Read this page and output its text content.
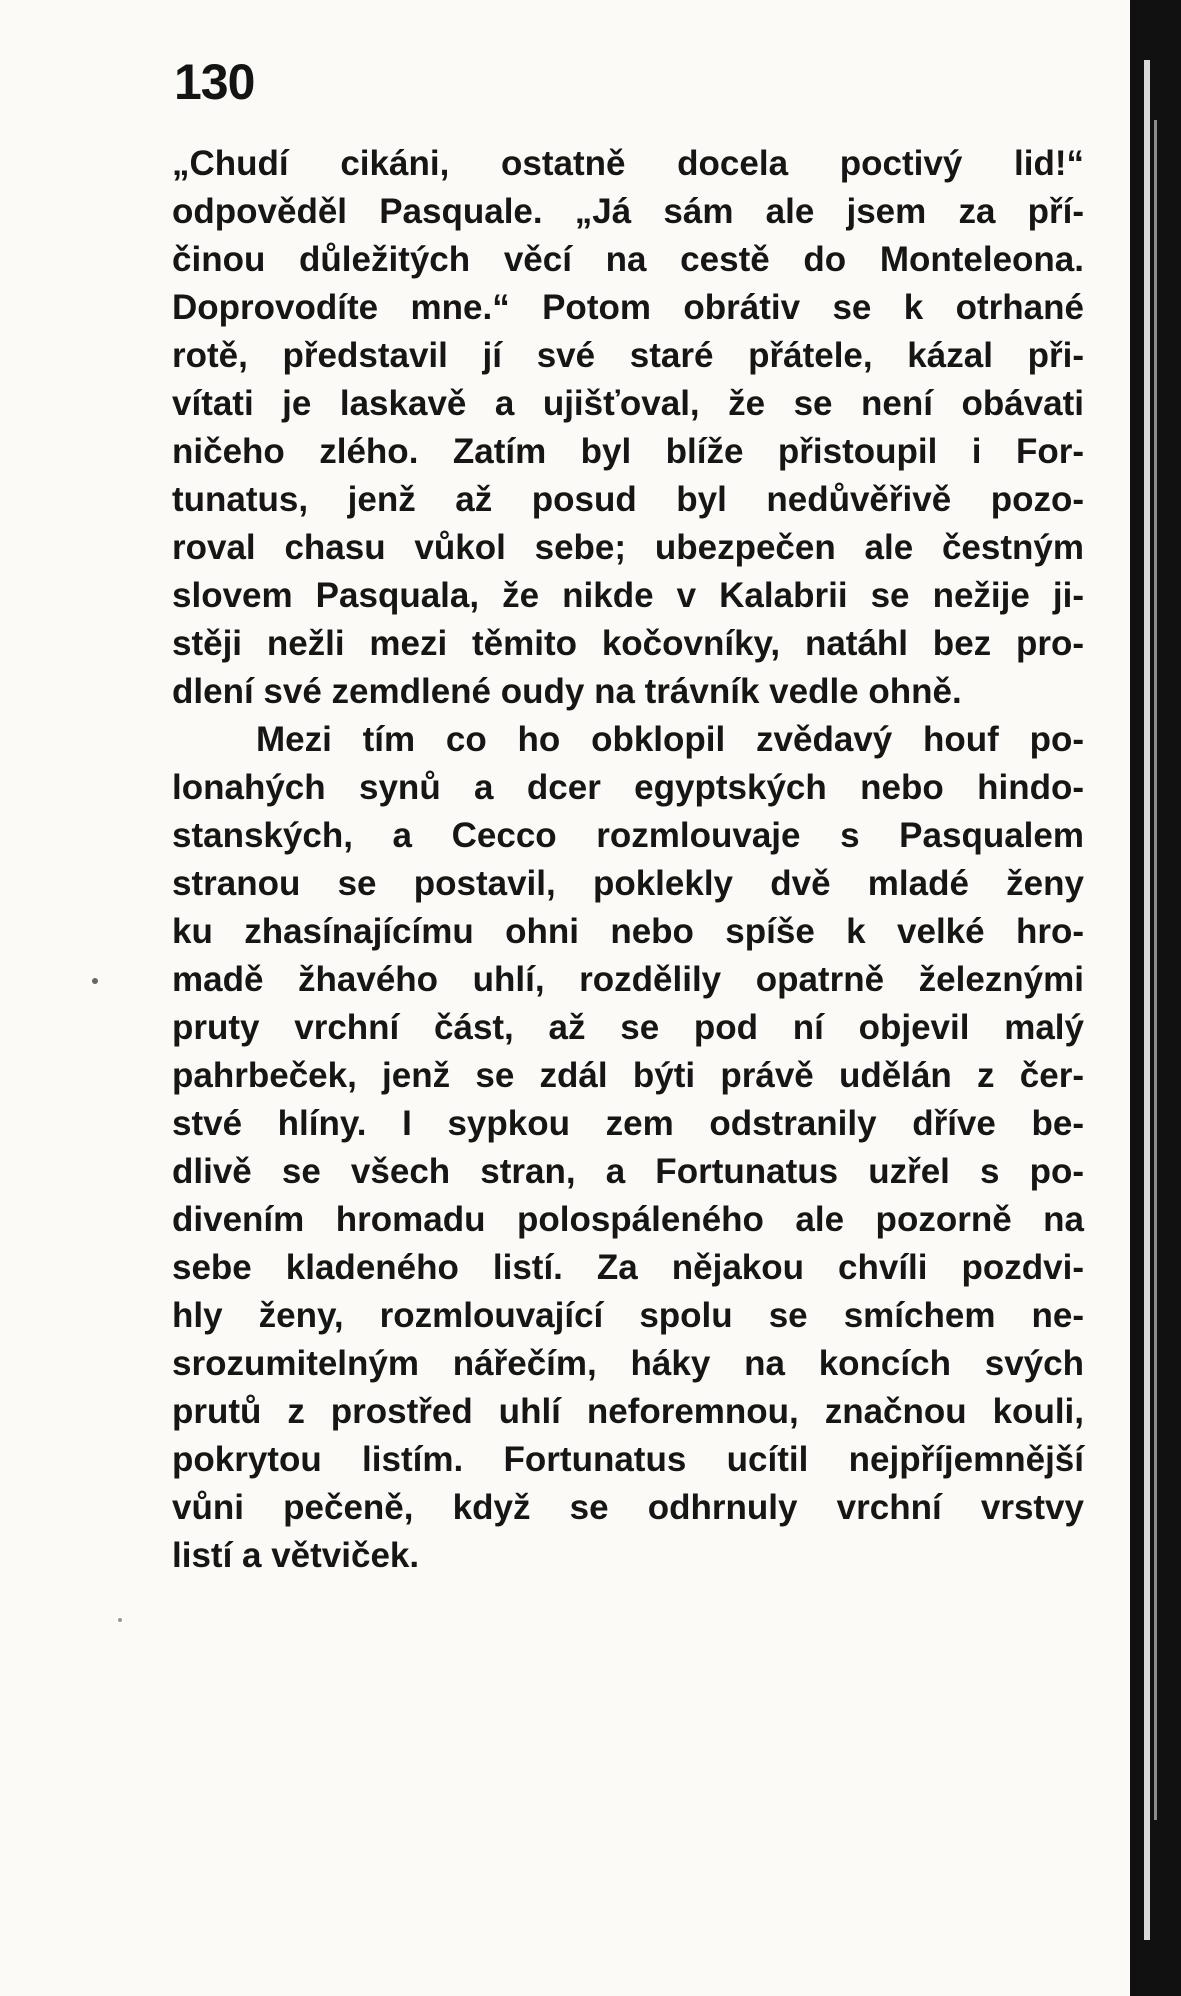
130
„Chudí cikáni, ostatně docela poctivý lid!“
odpověděl Pasquale. „Já sám ale jsem za pří-
činou důležitých věcí na cestě do Monteleona.
Doprovodíte mne.“ Potom obrátiv se k otrhané
rotě, představil jí své staré přátele, kázal při-
vítati je laskavě a ujišťoval, že se není obávati
ničeho zlého. Zatím byl blíže přistoupil i For-
tunatus, jenž až posud byl nedůvěřivě pozo-
roval chasu vůkol sebe; ubezpečen ale čestným
slovem Pasquala, že nikde v Kalabrii se nežije ji-
stěji nežli mezi těmito kočovníky, natáhl bez pro-
dlení své zemdlené oudy na trávník vedle ohně.
Mezi tím co ho obklopil zvědavý houf po-
lonahých synů a dcer egyptských nebo hindo-
stanských, a Cecco rozmlouvaje s Pasqualem
stranou se postavil, poklekly dvě mladé ženy
ku zhasínajícímu ohni nebo spíše k velké hro-
madě žhavého uhlí, rozdělily opatrně železnými
pruty vrchní část, až se pod ní objevil malý
pahrbeček, jenž se zdál býti právě udělán z čer-
stvé hlíny. I sypkou zem odstranily dříve be-
dlivě se všech stran, a Fortunatus uzřel s po-
divením hromadu polospáleného ale pozorně na
sebe kladeného listí. Za nějakou chvíli pozdvi-
hly ženy, rozmlouvající spolu se smíchem ne-
srozumitelným nářečím, háky na koncích svých
prutů z prostřed uhlí neforemnou, značnou kouli,
pokrytou listím. Fortunatus ucítil nejpříjemnější
vůni pečeně, když se odhrnuly vrchní vrstvy
listí a větviček.
